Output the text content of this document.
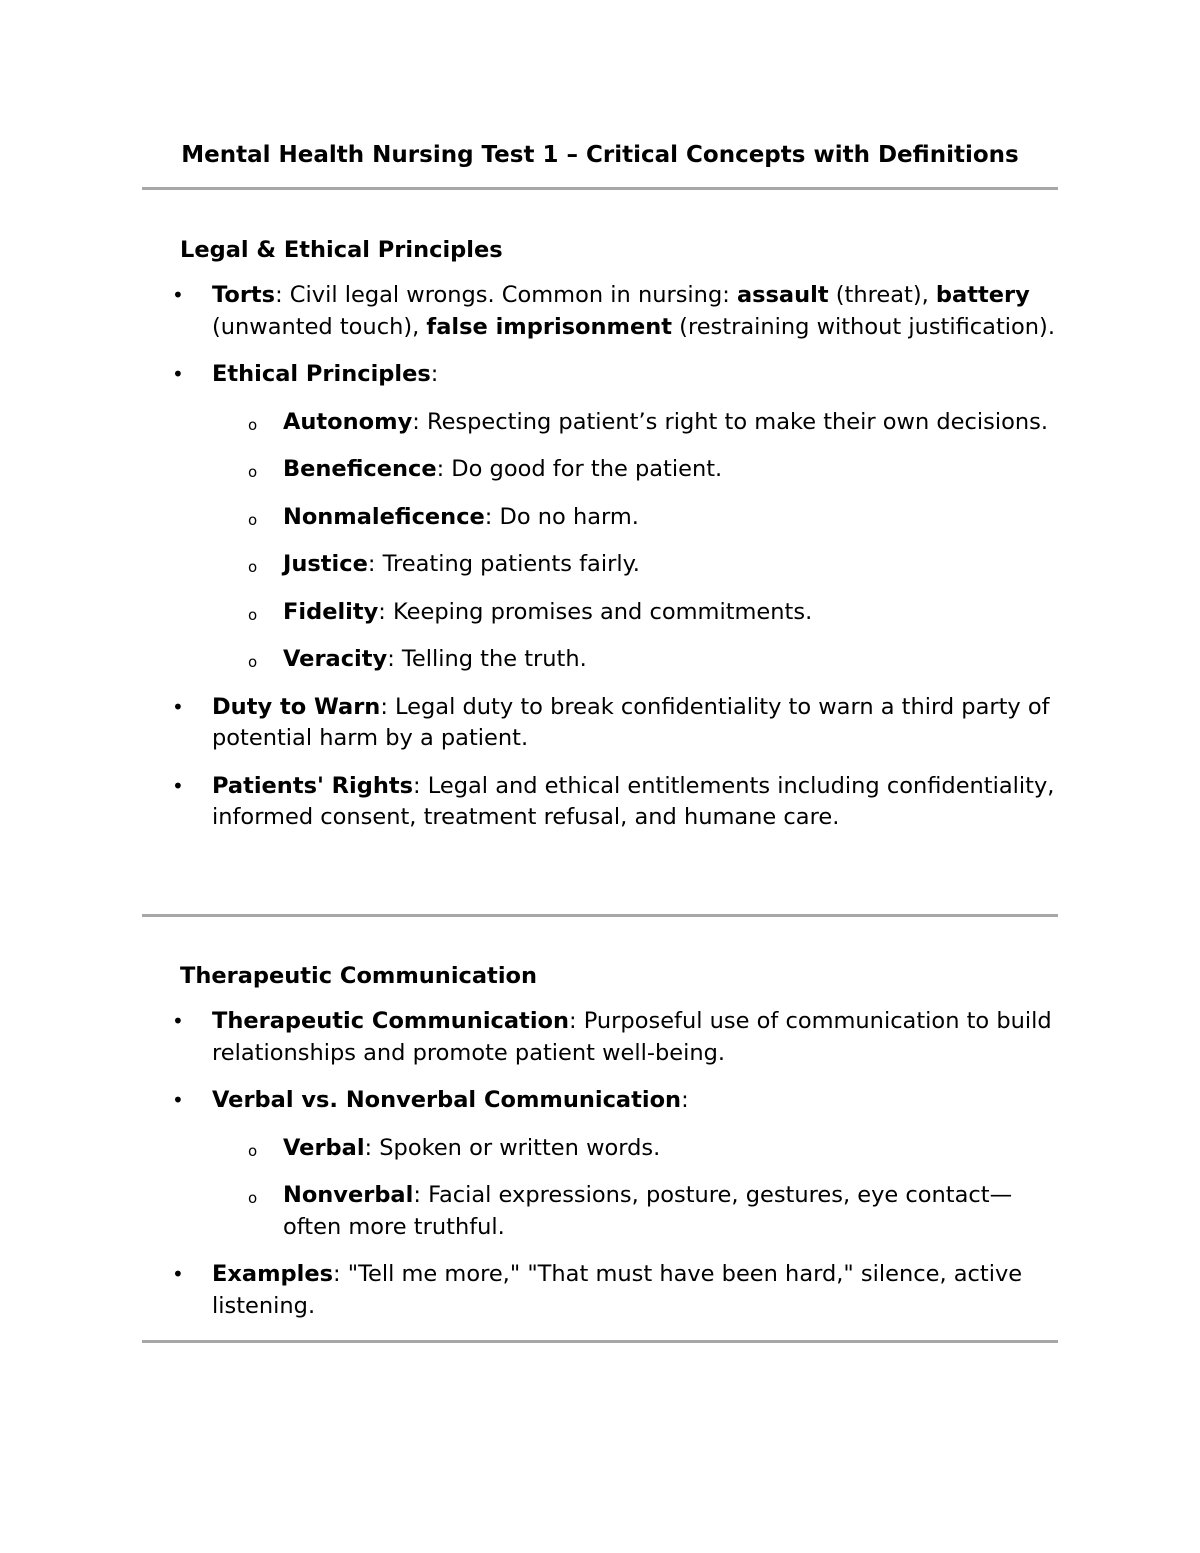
Mental Health Nursing Test 1 – Critical Concepts with Definitions
Legal & Ethical Principles
• Torts: Civil legal wrongs. Common in nursing: assault (threat), battery (unwanted touch), false imprisonment (restraining without justification).
• Ethical Principles:
o Autonomy: Respecting patient’s right to make their own decisions.
o Beneficence: Do good for the patient.
o Nonmaleficence: Do no harm.
o Justice: Treating patients fairly.
o Fidelity: Keeping promises and commitments.
o Veracity: Telling the truth.
• Duty to Warn: Legal duty to break confidentiality to warn a third party of potential harm by a patient.
• Patients' Rights: Legal and ethical entitlements including confidentiality, informed consent, treatment refusal, and humane care.
Therapeutic Communication
• Therapeutic Communication: Purposeful use of communication to build relationships and promote patient well-being.
• Verbal vs. Nonverbal Communication:
o Verbal: Spoken or written words.
o Nonverbal: Facial expressions, posture, gestures, eye contact— often more truthful.
• Examples: "Tell me more," "That must have been hard," silence, active listening.
